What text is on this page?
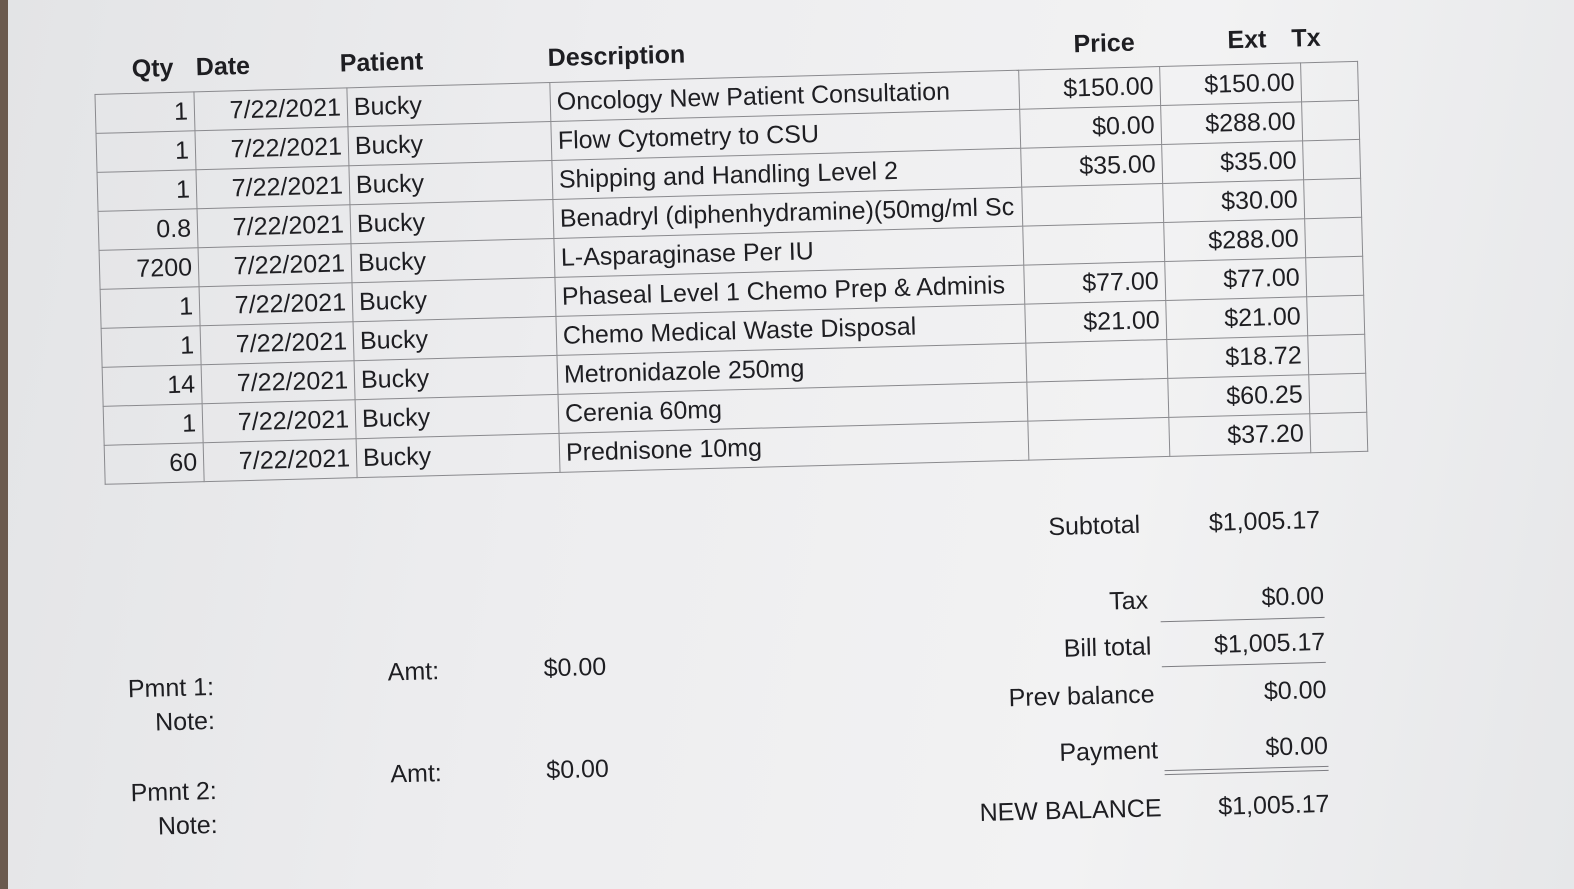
Qty Date	Patient	Description	Price	Ext Tx
1	7/22/2021	Bucky	Oncology New Patient Consultation	$150.00	$150.00	
1	7/22/2021	Bucky	Flow Cytometry to CSU	$0.00	$288.00	
1	7/22/2021	Bucky	Shipping and Handling Level 2	$35.00	$35.00	
0.8	7/22/2021	Bucky	Benadryl (diphenhydramine)(50mg/ml Sc		$30.00	
7200	7/22/2021	Bucky	L-Asparaginase Per IU		$288.00	
1	7/22/2021	Bucky	Phaseal Level 1 Chemo Prep & Adminis	$77.00	$77.00	
1	7/22/2021	Bucky	Chemo Medical Waste Disposal	$21.00	$21.00	
14	7/22/2021	Bucky	Metronidazole 250mg		$18.72	
1	7/22/2021	Bucky	Cerenia 60mg		$60.25	
60	7/22/2021	Bucky	Prednisone 10mg		$37.20	
Subtotal	$1,005.17
Tax	$0.00
Bill total	$1,005.17
Prev balance	$0.00
Payment	$0.00
NEW BALANCE	$1,005.17
Pmnt 1:
Note:
Amt:	$0.00
Pmnt 2:
Note:
Amt:	$0.00
